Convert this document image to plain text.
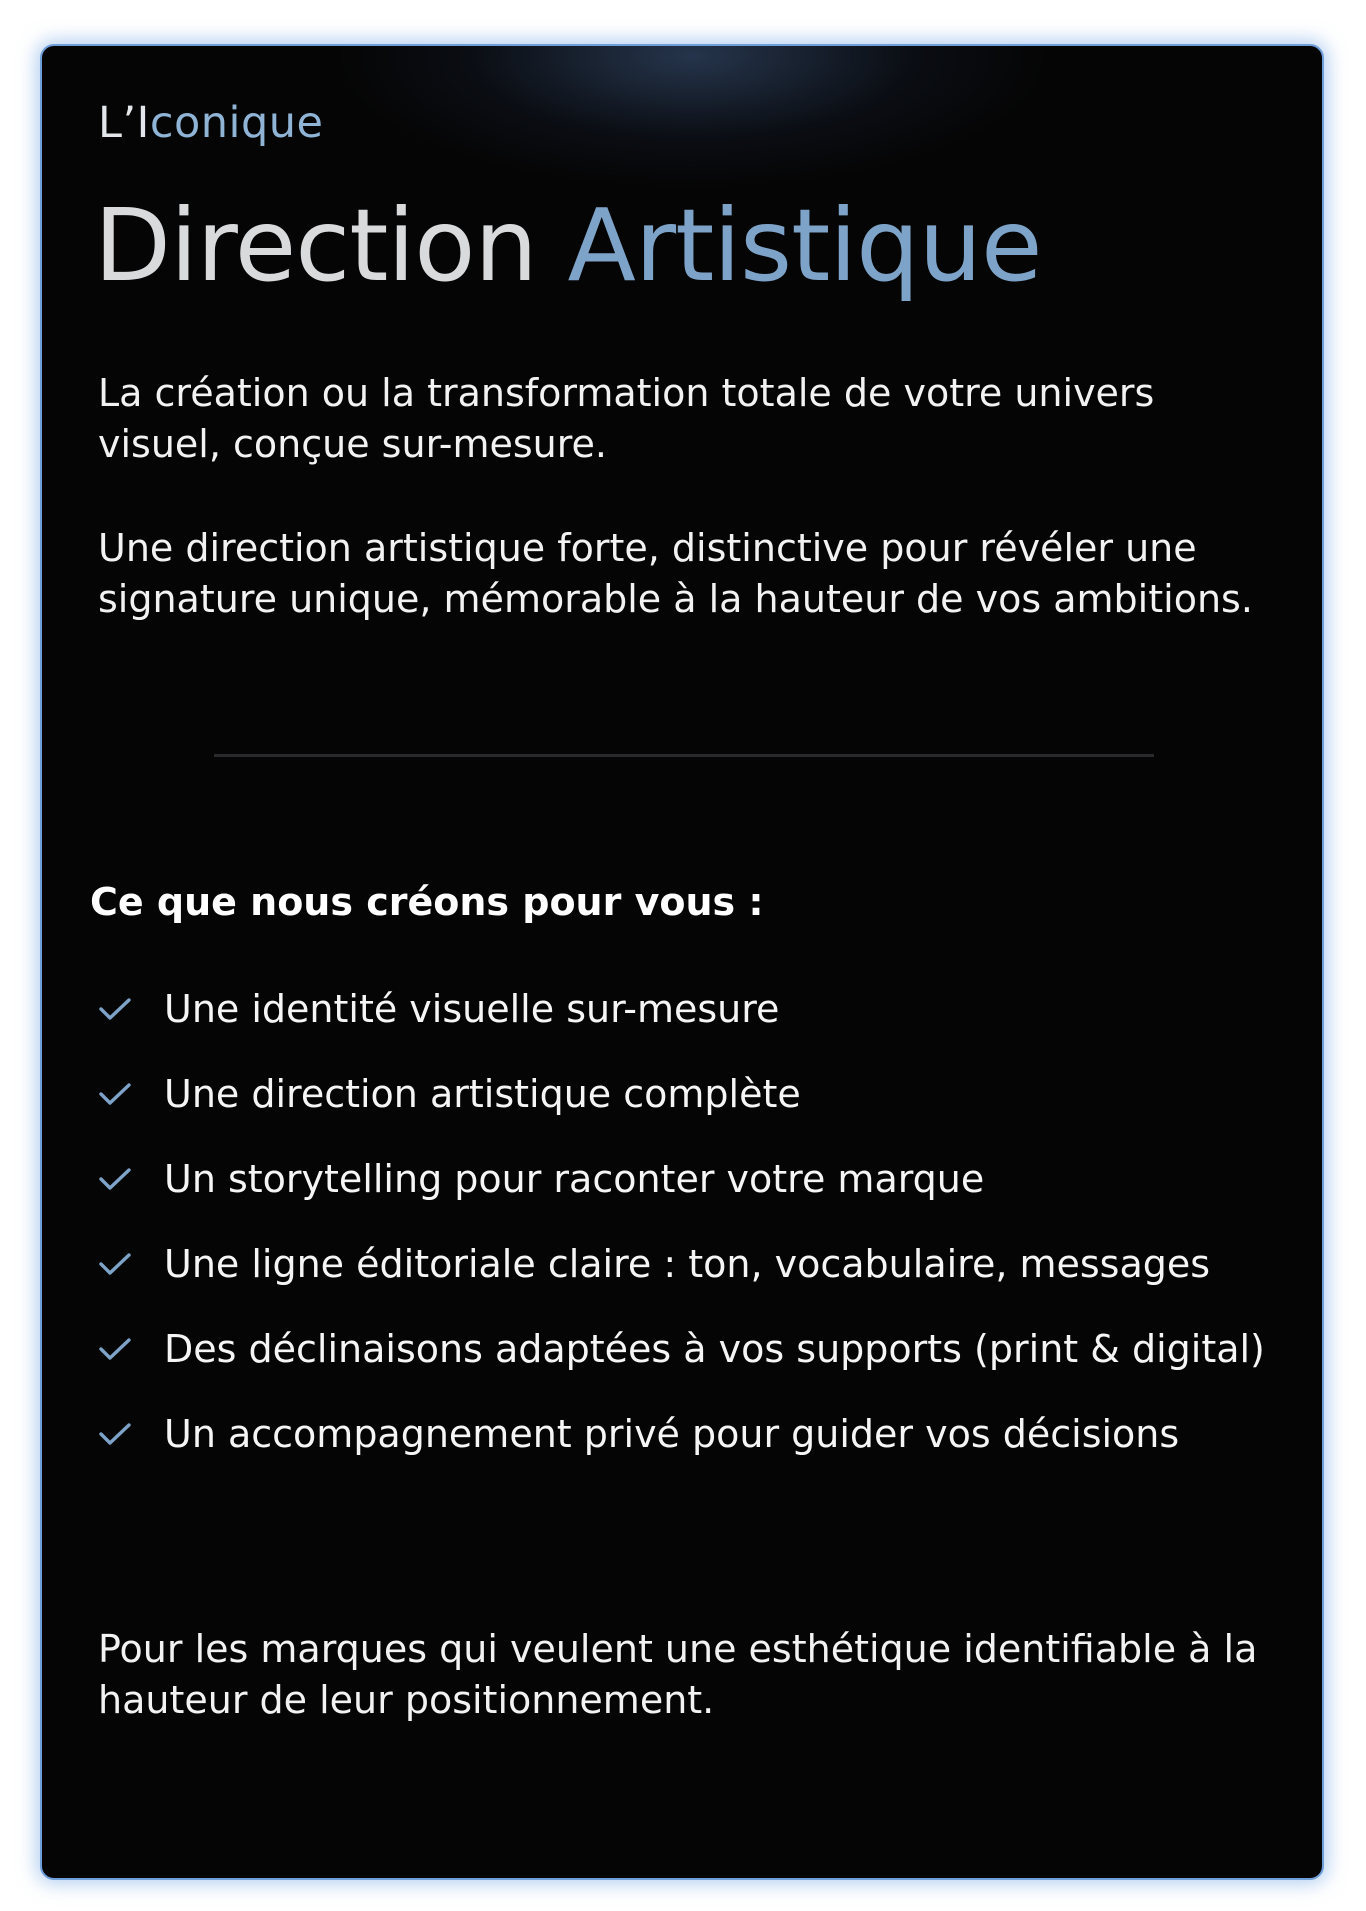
L’Iconique
Direction Artistique

La création ou la transformation totale de votre univers visuel, conçue sur-mesure.

Une direction artistique forte, distinctive pour révéler une signature unique, mémorable à la hauteur de vos ambitions.

Ce que nous créons pour vous :
Une identité visuelle sur-mesure
Une direction artistique complète
Un storytelling pour raconter votre marque
Une ligne éditoriale claire : ton, vocabulaire, messages
Des déclinaisons adaptées à vos supports (print & digital)
Un accompagnement privé pour guider vos décisions

Pour les marques qui veulent une esthétique identifiable à la hauteur de leur positionnement.
